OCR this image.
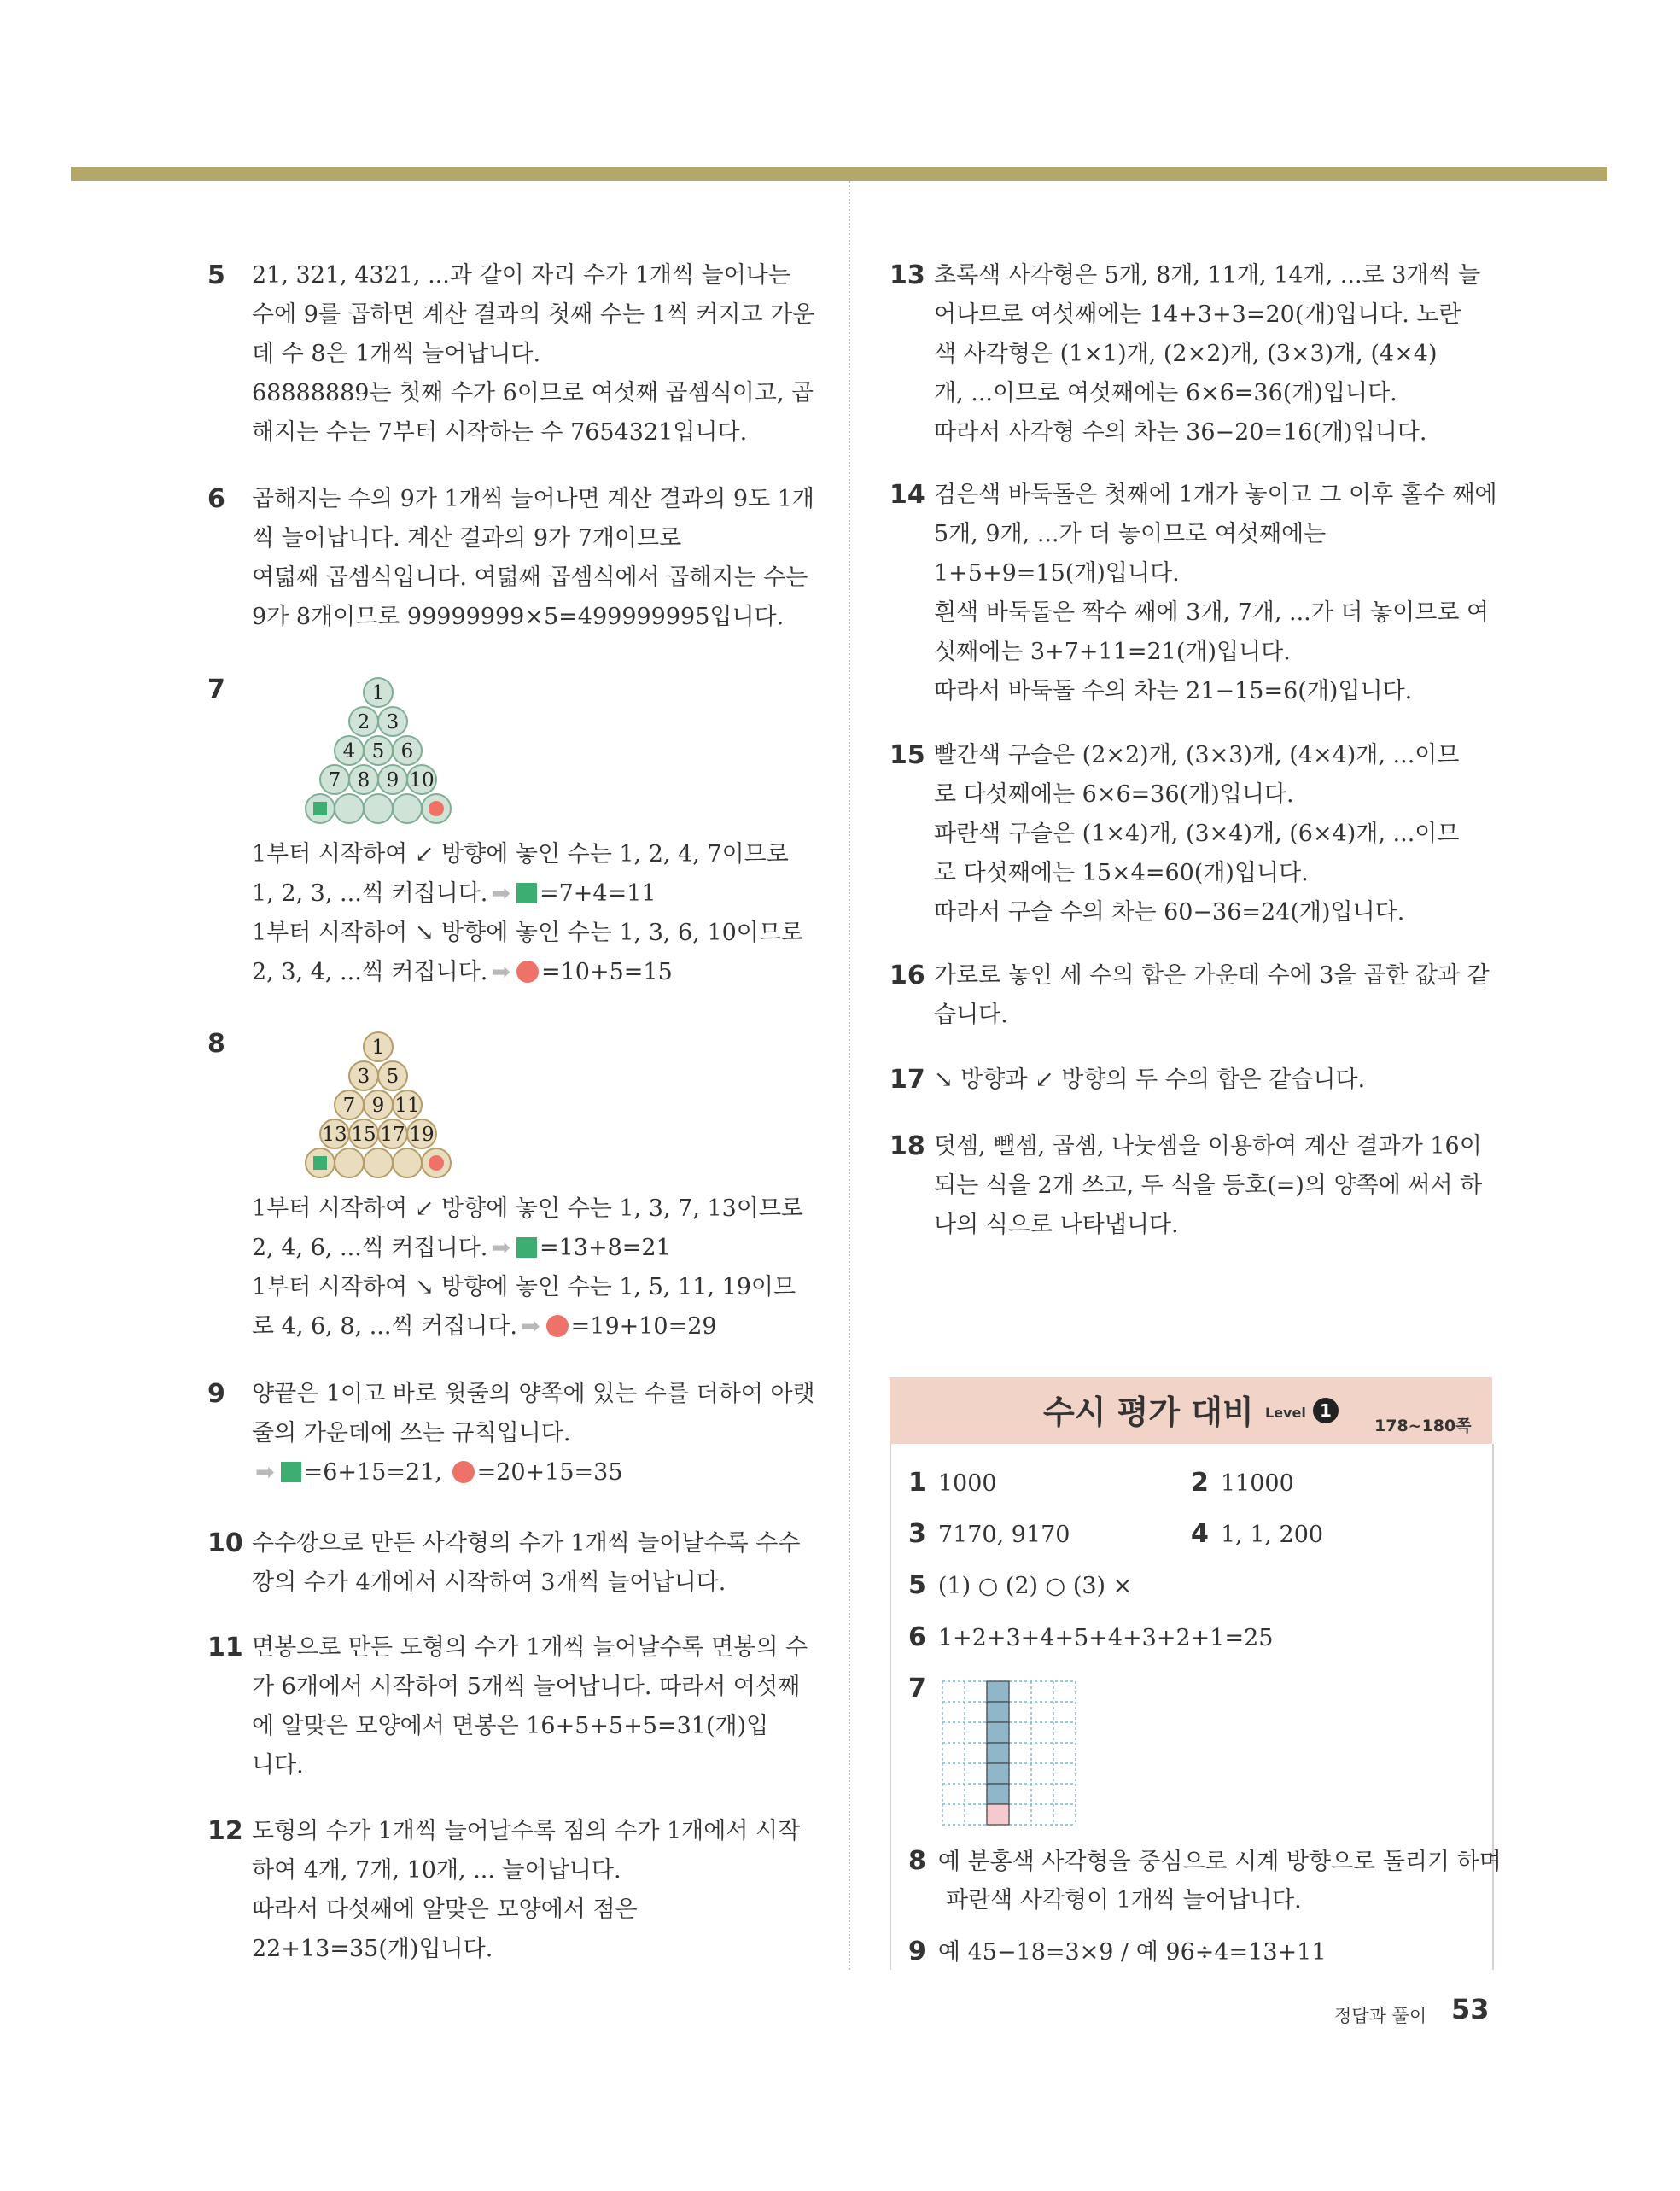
5	21, 321, 4321, ...과 같이 자리 수가 1개씩 늘어나는
수에 9를 곱하면 계산 결과의 첫째 수는 1씩 커지고 가운
데 수 8은 1개씩 늘어납니다.
68888889는 첫째 수가 6이므로 여섯째 곱셈식이고, 곱
해지는 수는 7부터 시작하는 수 7654321입니다.
6	곱해지는 수의 9가 1개씩 늘어나면 계산 결과의 9도 1개
씩 늘어납니다. 계산 결과의 9가 7개이므로
여덟째 곱셈식입니다. 여덟째 곱셈식에서 곱해지는 수는
9가 8개이므로 99999999×5=499999995입니다.
7	1
2 3
4 5 6
7 8 9 10
1부터 시작하여 ↙ 방향에 놓인 수는 1, 2, 4, 7이므로
1, 2, 3, ...씩 커집니다. ➡ =7+4=11
1부터 시작하여 ↘ 방향에 놓인 수는 1, 3, 6, 10이므로
2, 3, 4, ...씩 커집니다. ➡ =10+5=15
8	1
3 5
7 9 11
13 15 17 19
1부터 시작하여 ↙ 방향에 놓인 수는 1, 3, 7, 13이므로
2, 4, 6, ...씩 커집니다. ➡ =13+8=21
1부터 시작하여 ↘ 방향에 놓인 수는 1, 5, 11, 19이므
로 4, 6, 8, ...씩 커집니다. ➡ =19+10=29
9	양끝은 1이고 바로 윗줄의 양쪽에 있는 수를 더하여 아랫
줄의 가운데에 쓰는 규칙입니다.
➡ =6+15=21, =20+15=35
10 수수깡으로 만든 사각형의 수가 1개씩 늘어날수록 수수
깡의 수가 4개에서 시작하여 3개씩 늘어납니다.
11 면봉으로 만든 도형의 수가 1개씩 늘어날수록 면봉의 수
가 6개에서 시작하여 5개씩 늘어납니다. 따라서 여섯째
에 알맞은 모양에서 면봉은 16+5+5+5=31(개)입
니다.
12 도형의 수가 1개씩 늘어날수록 점의 수가 1개에서 시작
하여 4개, 7개, 10개, ... 늘어납니다.
따라서 다섯째에 알맞은 모양에서 점은
22+13=35(개)입니다.
13 초록색 사각형은 5개, 8개, 11개, 14개, ...로 3개씩 늘
어나므로 여섯째에는 14+3+3=20(개)입니다. 노란
색 사각형은 (1×1)개, (2×2)개, (3×3)개, (4×4)
개, ...이므로 여섯째에는 6×6=36(개)입니다.
따라서 사각형 수의 차는 36−20=16(개)입니다.
14 검은색 바둑돌은 첫째에 1개가 놓이고 그 이후 홀수 째에
5개, 9개, ...가 더 놓이므로 여섯째에는
1+5+9=15(개)입니다.
흰색 바둑돌은 짝수 째에 3개, 7개, ...가 더 놓이므로 여
섯째에는 3+7+11=21(개)입니다.
따라서 바둑돌 수의 차는 21−15=6(개)입니다.
15 빨간색 구슬은 (2×2)개, (3×3)개, (4×4)개, ...이므
로 다섯째에는 6×6=36(개)입니다.
파란색 구슬은 (1×4)개, (3×4)개, (6×4)개, ...이므
로 다섯째에는 15×4=60(개)입니다.
따라서 구슬 수의 차는 60−36=24(개)입니다.
16 가로로 놓인 세 수의 합은 가운데 수에 3을 곱한 값과 같
습니다.
17 ↘ 방향과 ↙ 방향의 두 수의 합은 같습니다.
18 덧셈, 뺄셈, 곱셈, 나눗셈을 이용하여 계산 결과가 16이
되는 식을 2개 쓰고, 두 식을 등호(=)의 양쪽에 써서 하
나의 식으로 나타냅니다.
수시 평가 대비 Level 1
178~180쪽
1 1000	2 11000
3 7170, 9170	4 1, 1, 200
5 (1) ○ (2) ○ (3) ×
6 1+2+3+4+5+4+3+2+1=25
7
8 예 분홍색 사각형을 중심으로 시계 방향으로 돌리기 하며
파란색 사각형이 1개씩 늘어납니다.
9 예 45−18=3×9 / 예 96÷4=13+11
정답과 풀이 53
